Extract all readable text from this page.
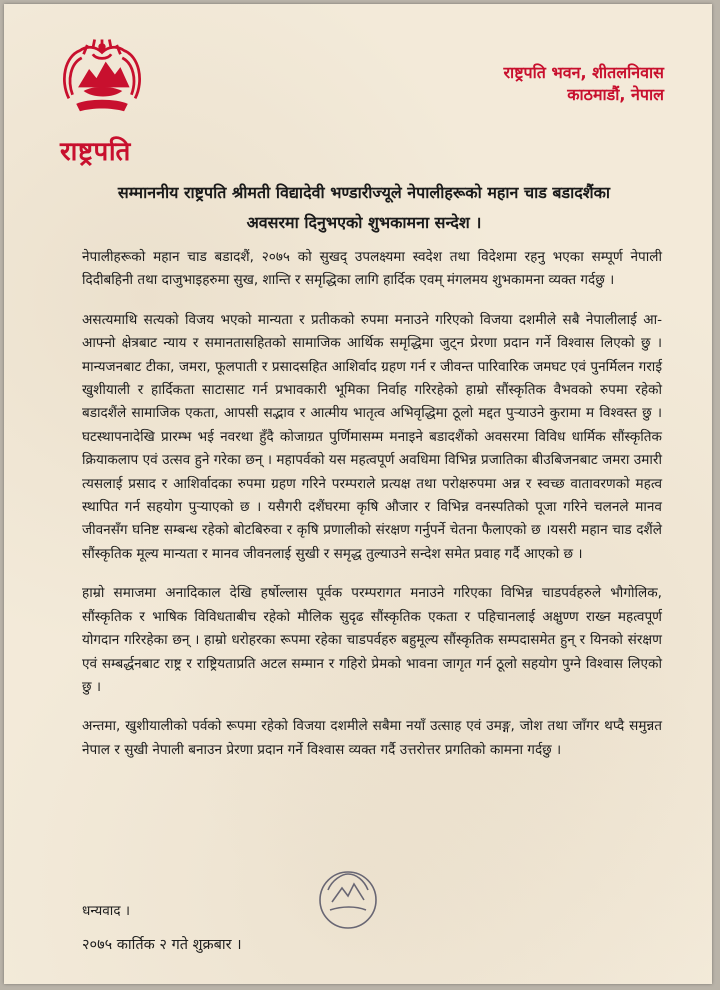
राष्ट्रपति
राष्ट्रपति भवन, शीतलनिवास
काठमाडौं, नेपाल
सम्माननीय राष्ट्रपति श्रीमती विद्यादेवी भण्डारीज्यूले नेपालीहरूको महान चाड बडादशैंका
अवसरमा दिनुभएको शुभकामना सन्देश ।

नेपालीहरूको महान चाड बडादशैं, २०७५ को सुखद् उपलक्ष्यमा स्वदेश तथा विदेशमा रहनु भएका सम्पूर्ण नेपाली दिदीबहिनी तथा दाजुभाइहरुमा सुख, शान्ति र समृद्धिका लागि हार्दिक एवम् मंगलमय शुभकामना व्यक्त गर्दछु ।

असत्यमाथि सत्यको विजय भएको मान्यता र प्रतीकको रुपमा मनाउने गरिएको विजया दशमीले सबै नेपालीलाई आ-आफ्नो क्षेत्रबाट न्याय र समानतासहितको सामाजिक आर्थिक समृद्धिमा जुट्न प्रेरणा प्रदान गर्ने विश्वास लिएको छु । मान्यजनबाट टीका, जमरा, फूलपाती र प्रसादसहित आशिर्वाद ग्रहण गर्न र जीवन्त पारिवारिक जमघट एवं पुनर्मिलन गराई खुशीयाली र हार्दिकता साटासाट गर्न प्रभावकारी भूमिका निर्वाह गरिरहेको हाम्रो सौंस्कृतिक वैभवको रुपमा रहेको बडादशैंले सामाजिक एकता, आपसी सद्भाव र आत्मीय भातृत्व अभिवृद्धिमा ठूलो मद्दत पुऱ्याउने कुरामा म विश्वस्त छु । घटस्थापनादेखि प्रारम्भ भई नवरथा हुँदै कोजाग्रत पुर्णिमासम्म मनाइने बडादशैंको अवसरमा विविध धार्मिक सौंस्कृतिक क्रियाकलाप एवं उत्सव हुने गरेका छन् । महापर्वको यस महत्वपूर्ण अवधिमा विभिन्न प्रजातिका बीउबिजनबाट जमरा उमारी त्यसलाई प्रसाद र आशिर्वादका रुपमा ग्रहण गरिने परम्पराले प्रत्यक्ष तथा परोक्षरुपमा अन्न र स्वच्छ वातावरणको महत्व स्थापित गर्न सहयोग पुऱ्याएको छ । यसैगरी दशैंघरमा कृषि औजार र विभिन्न वनस्पतिको पूजा गरिने चलनले मानव जीवनसँग घनिष्ट सम्बन्ध रहेको बोटबिरुवा र कृषि प्रणालीको संरक्षण गर्नुपर्ने चेतना फैलाएको छ ।यसरी महान चाड दशैंले सौंस्कृतिक मूल्य मान्यता र मानव जीवनलाई सुखी र समृद्ध तुल्याउने सन्देश समेत प्रवाह गर्दै आएको छ ।

हाम्रो समाजमा अनादिकाल देखि हर्षोल्लास पूर्वक परम्परागत मनाउने गरिएका विभिन्न चाडपर्वहरुले भौगोलिक, सौंस्कृतिक र भाषिक विविधताबीच रहेको मौलिक सुदृढ सौंस्कृतिक एकता र पहिचानलाई अक्षुण्ण राख्न महत्वपूर्ण योगदान गरिरहेका छन् । हाम्रो धरोहरका रूपमा रहेका चाडपर्वहरु बहुमूल्य सौंस्कृतिक सम्पदासमेत हुन् र यिनको संरक्षण एवं सम्बर्द्धनबाट राष्ट्र र राष्ट्रियताप्रति अटल सम्मान र गहिरो प्रेमको भावना जागृत गर्न ठूलो सहयोग पुग्ने विश्वास लिएको छु ।

अन्तमा, खुशीयालीको पर्वको रूपमा रहेको विजया दशमीले सबैमा नयाँ उत्साह एवं उमङ्ग, जोश तथा जाँगर थप्दै समुन्नत नेपाल र सुखी नेपाली बनाउन प्रेरणा प्रदान गर्ने विश्वास व्यक्त गर्दै उत्तरोत्तर प्रगतिको कामना गर्दछु ।

धन्यवाद ।
२०७५ कार्तिक २ गते शुक्रबार ।
